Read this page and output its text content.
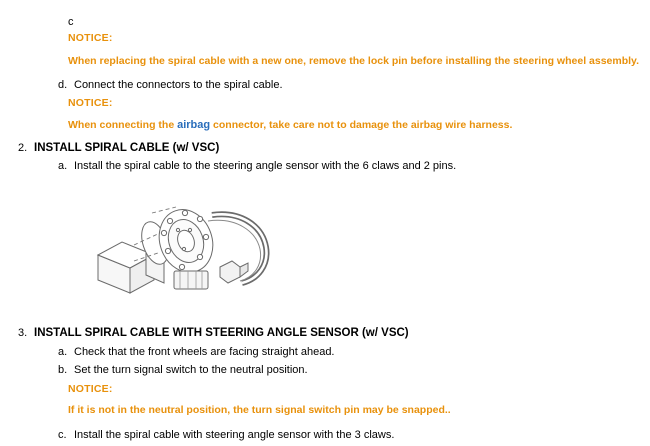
c
NOTICE:
When replacing the spiral cable with a new one, remove the lock pin before installing the steering wheel assembly.
d. Connect the connectors to the spiral cable.
NOTICE:
When connecting the airbag connector, take care not to damage the airbag wire harness.
2. INSTALL SPIRAL CABLE (w/ VSC)
a. Install the spiral cable to the steering angle sensor with the 6 claws and 2 pins.
3. INSTALL SPIRAL CABLE WITH STEERING ANGLE SENSOR (w/ VSC)
a. Check that the front wheels are facing straight ahead.
b. Set the turn signal switch to the neutral position.
NOTICE:
If it is not in the neutral position, the turn signal switch pin may be snapped..
c. Install the spiral cable with steering angle sensor with the 3 claws.
